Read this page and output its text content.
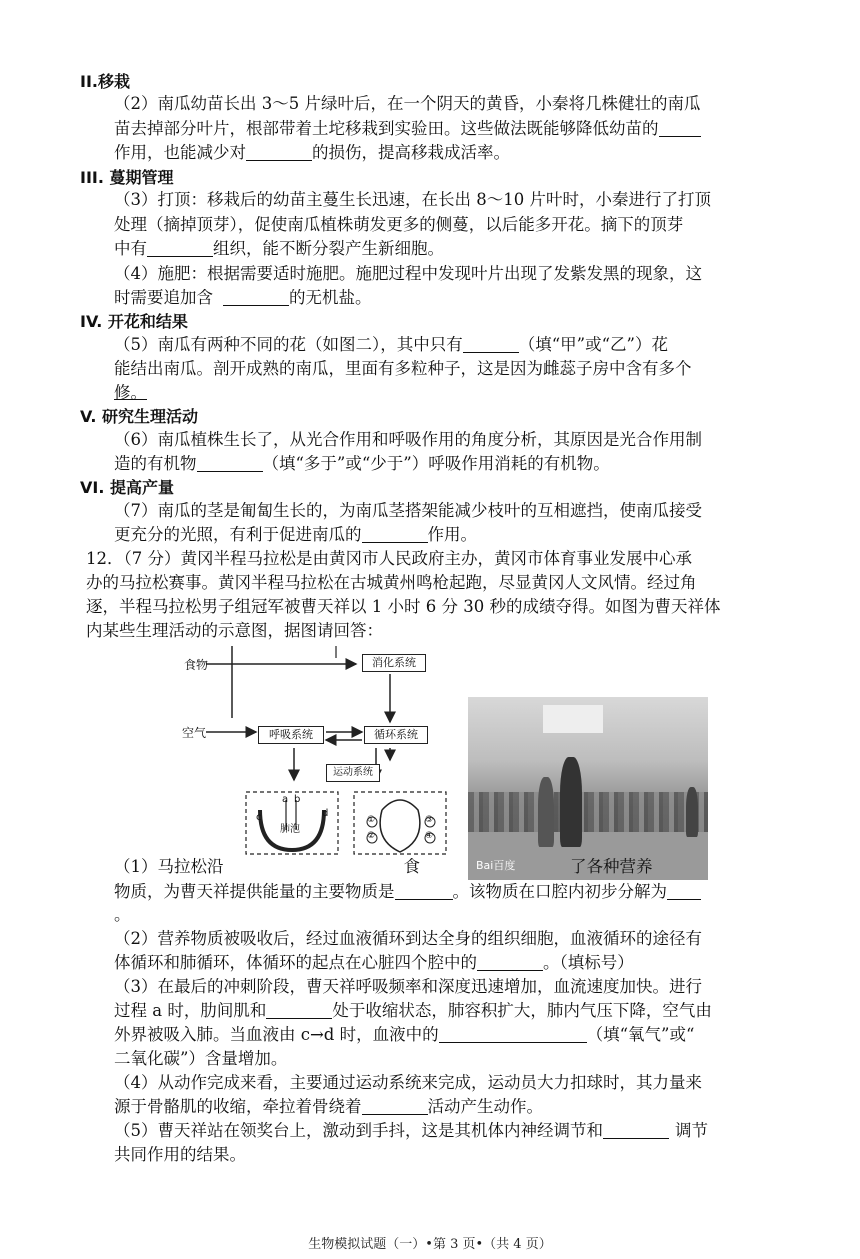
II.移栽
（2）南瓜幼苗长出 3～5 片绿叶后，在一个阴天的黄昏，小秦将几株健壮的南瓜
苗去掉部分叶片，根部带着土坨移栽到实验田。这些做法既能够降低幼苗的
作用，也能减少对	的损伤，提高移栽成活率。
III. 蔓期管理
（3）打顶：移栽后的幼苗主蔓生长迅速，在长出 8～10 片叶时，小秦进行了打顶
处理（摘掉顶芽），促使南瓜植株萌发更多的侧蔓，以后能多开花。摘下的顶芽
中有	组织，能不断分裂产生新细胞。
（4）施肥：根据需要适时施肥。施肥过程中发现叶片出现了发紫发黑的现象，这
时需要追加含	的无机盐。
IV. 开花和结果
（5）南瓜有两种不同的花（如图二），其中只有	（填“甲”或“乙”）花
能结出南瓜。剖开成熟的南瓜，里面有多粒种子，这是因为雌蕊子房中含有多个
修。
V. 研究生理活动
（6）南瓜植株生长了，从光合作用和呼吸作用的角度分析，其原因是光合作用制
造的有机物	（填“多于”或“少于”）呼吸作用消耗的有机物。
VI. 提高产量
（7）南瓜的茎是匍匐生长的，为南瓜茎搭架能减少枝叶的互相遮挡，使南瓜接受
更充分的光照，有利于促进南瓜的	作用。
12．（7 分）黄冈半程马拉松是由黄冈市人民政府主办，黄冈市体育事业发展中心承
办的马拉松赛事。黄冈半程马拉松在古城黄州鸣枪起跑，尽显黄冈人文风情。经过角
逐，半程马拉松男子组冠军被曹天祥以 1 小时 6 分 30 秒的成绩夺得。如图为曹天祥体
内某些生理活动的示意图，据图请回答：
食物
空气
消化系统
呼吸系统	循环系统
运动系统
肺泡
a b
c	d
①
②
③
④
Bai百度
（1）马拉松沿	食	了各种营养
物质，为曹天祥提供能量的主要物质是	。该物质在口腔内初步分解为
。
（2）营养物质被吸收后，经过血液循环到达全身的组织细胞，血液循环的途径有
体循环和肺循环，体循环的起点在心脏四个腔中的	。（填标号）
（3）在最后的冲刺阶段，曹天祥呼吸频率和深度迅速增加，血流速度加快。进行
过程 a 时，肋间肌和	处于收缩状态，肺容积扩大，肺内气压下降，空气由
外界被吸入肺。当血液由 c→d 时，血液中的	（填“氧气”或“
二氧化碳”）含量增加。
（4）从动作完成来看，主要通过运动系统来完成，运动员大力扣球时，其力量来
源于骨骼肌的收缩，牵拉着骨绕着	活动产生动作。
（5）曹天祥站在领奖台上，激动到手抖，这是其机体内神经调节和	调节
共同作用的结果。
生物模拟试题（一）•第 3 页•（共 4 页）
